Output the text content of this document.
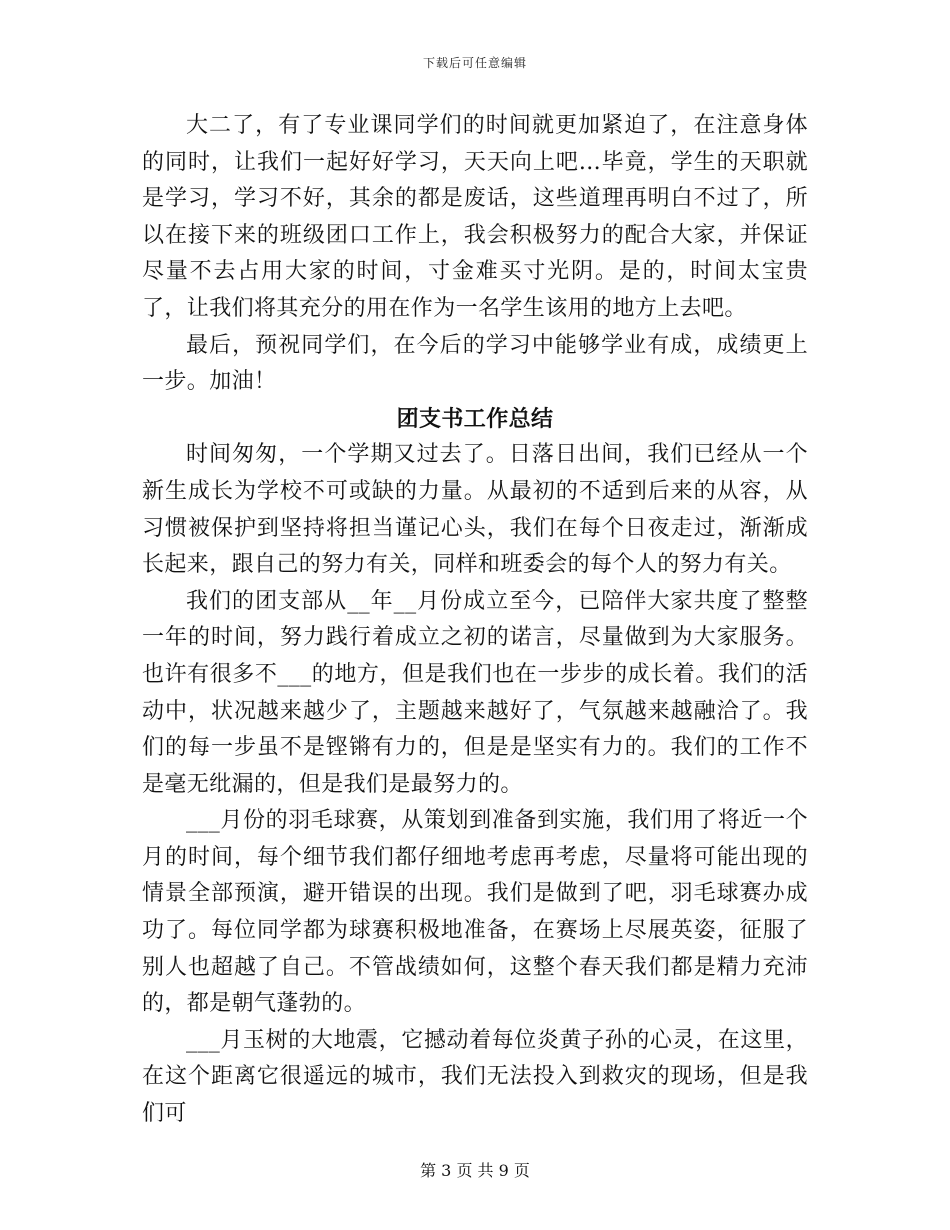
下载后可任意编辑

大二了，有了专业课同学们的时间就更加紧迫了，在注意身体的同时，让我们一起好好学习，天天向上吧...毕竟，学生的天职就是学习，学习不好，其余的都是废话，这些道理再明白不过了，所以在接下来的班级团口工作上，我会积极努力的配合大家，并保证尽量不去占用大家的时间，寸金难买寸光阴。是的，时间太宝贵了，让我们将其充分的用在作为一名学生该用的地方上去吧。

最后，预祝同学们，在今后的学习中能够学业有成，成绩更上一步。加油！

团支书工作总结

时间匆匆，一个学期又过去了。日落日出间，我们已经从一个新生成长为学校不可或缺的力量。从最初的不适到后来的从容，从习惯被保护到坚持将担当谨记心头，我们在每个日夜走过，渐渐成长起来，跟自己的努力有关，同样和班委会的每个人的努力有关。

我们的团支部从__年__月份成立至今，已陪伴大家共度了整整一年的时间，努力践行着成立之初的诺言，尽量做到为大家服务。也许有很多不___的地方，但是我们也在一步步的成长着。我们的活动中，状况越来越少了，主题越来越好了，气氛越来越融洽了。我们的每一步虽不是铿锵有力的，但是是坚实有力的。我们的工作不是毫无纰漏的，但是我们是最努力的。

___月份的羽毛球赛，从策划到准备到实施，我们用了将近一个月的时间，每个细节我们都仔细地考虑再考虑，尽量将可能出现的情景全部预演，避开错误的出现。我们是做到了吧，羽毛球赛办成功了。每位同学都为球赛积极地准备，在赛场上尽展英姿，征服了别人也超越了自己。不管战绩如何，这整个春天我们都是精力充沛的，都是朝气蓬勃的。

___月玉树的大地震，它撼动着每位炎黄子孙的心灵，在这里，在这个距离它很遥远的城市，我们无法投入到救灾的现场，但是我们可

第 3 页 共 9 页
